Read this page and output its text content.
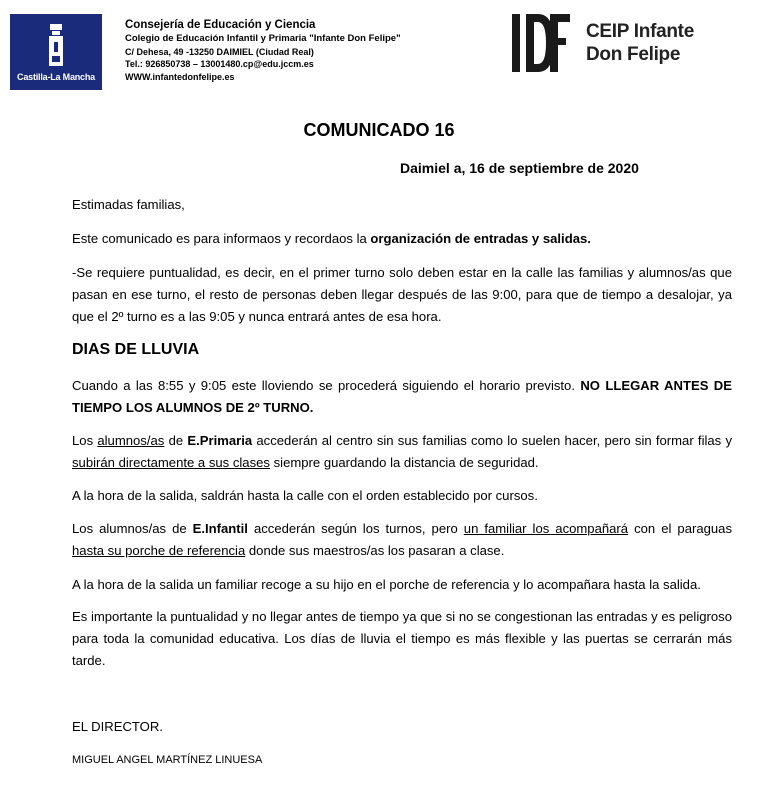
Castilla-La Mancha
Consejería de Educación y Ciencia
Colegio de Educación Infantil y Primaria "Infante Don Felipe"
C/ Dehesa, 49 -13250 DAIMIEL (Ciudad Real)
Tel.: 926850738 – 13001480.cp@edu.jccm.es
WWW.infantedonfelipe.es
CEIP Infante
Don Felipe
COMUNICADO 16
Daimiel a, 16 de septiembre de 2020
Estimadas familias,
Este comunicado es para informaos y recordaos la organización de entradas y salidas.
-Se requiere puntualidad, es decir, en el primer turno solo deben estar en la calle las familias y alumnos/as que pasan en ese turno, el resto de personas deben llegar después de las 9:00, para que de tiempo a desalojar, ya que el 2º turno es a las 9:05 y nunca entrará antes de esa hora.
DIAS DE LLUVIA
Cuando a las 8:55 y 9:05 este lloviendo se procederá siguiendo el horario previsto. NO LLEGAR ANTES DE TIEMPO LOS ALUMNOS DE 2º TURNO.
Los alumnos/as de E.Primaria accederán al centro sin sus familias como lo suelen hacer, pero sin formar filas y subirán directamente a sus clases siempre guardando la distancia de seguridad.
A la hora de la salida, saldrán hasta la calle con el orden establecido por cursos.
Los alumnos/as de E.Infantil accederán según los turnos, pero un familiar los acompañará con el paraguas hasta su porche de referencia donde sus maestros/as los pasaran a clase.
A la hora de la salida un familiar recoge a su hijo en el porche de referencia y lo acompañara hasta la salida.
Es importante la puntualidad y no llegar antes de tiempo ya que si no se congestionan las entradas y es peligroso para toda la comunidad educativa. Los días de lluvia el tiempo es más flexible y las puertas se cerrarán más tarde.
EL DIRECTOR.
MIGUEL ANGEL MARTÍNEZ LINUESA
